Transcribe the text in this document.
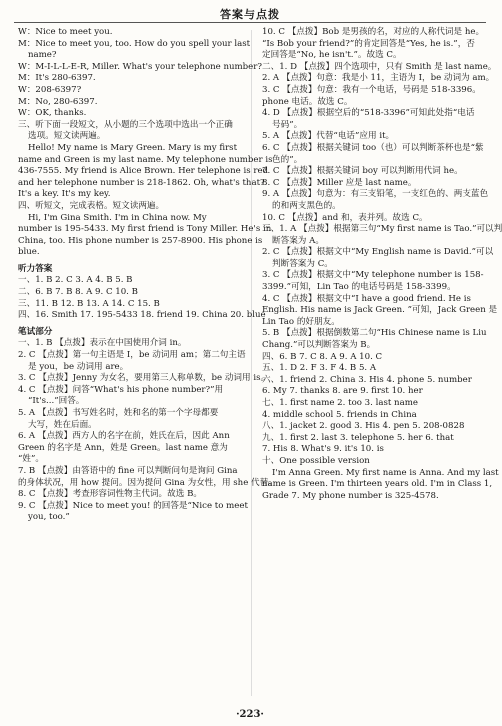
答案与点拨
W：Nice to meet you.
M：Nice to meet you, too. How do you spell your last
name?
W：M-I-L-L-E-R, Miller. What's your telephone number?
M：It's 280-6397.
W：208-6397?
M：No, 280-6397.
W：OK, thanks.
三、听下面一段短文，从小题的三个选项中选出一个正确
选项。短文读两遍。
Hello! My name is Mary Green. Mary is my first
name and Green is my last name. My telephone number is
436-7555. My friend is Alice Brown. Her telephone is red
and her telephone number is 218-1862. Oh, what's that?
It's a key. It's my key.
四、听短文，完成表格。短文读两遍。
Hi, I'm Gina Smith. I'm in China now. My
number is 195-5433. My first friend is Tony Miller. He's in
China, too. His phone number is 257-8900. His phone is
blue.
听力答案
一、1. B 2. C 3. A 4. B 5. B
二、6. B 7. B 8. A 9. C 10. B
三、11. B 12. B 13. A 14. C 15. B
四、16. Smith 17. 195-5433 18. friend 19. China 20. blue
笔试部分
一、1. B 【点拨】表示在中国使用介词 in。
2. C 【点拨】第一句主语是 I，be 动词用 am；第二句主语
是 you，be 动词用 are。
3. C 【点拨】Jenny 为女名，要用第三人称单数，be 动词用 is。
4. C 【点拨】问答“What's his phone number?”用
“It's...”回答。
5. A 【点拨】书写姓名时，姓和名的第一个字母都要
大写，姓在后面。
6. A 【点拨】西方人的名字在前，姓氏在后，因此 Ann
Green 的名字是 Ann，姓是 Green。last name 意为
“姓”。
7. B 【点拨】由答语中的 fine 可以判断问句是询问 Gina
的身体状况，用 how 提问。因为提问 Gina 为女性，用 she 代替。
8. C 【点拨】考查形容词性物主代词。故选 B。
9. C 【点拨】Nice to meet you! 的回答是“Nice to meet
you, too.”
10. C 【点拨】Bob 是男孩的名，对应的人称代词是 he。
“Is Bob your friend?”的肯定回答是“Yes, he is.”，否
定回答是“No, he isn't.”。故选 C。
二、1. D 【点拨】四个选项中，只有 Smith 是 last name。
2. A 【点拨】句意：我是小 11，主语为 I，be 动词为 am。
3. C 【点拨】句意：我有一个电话，号码是 518-3396。
phone 电话。故选 C。
4. D 【点拨】根据空后的“518-3396”可知此处指“电话
号码”。
5. A 【点拨】代替“电话”应用 it。
6. C 【点拨】根据关键词 too（也）可以判断茶杯也是“紫
色的”。
7. C 【点拨】根据关键词 boy 可以判断用代词 he。
8. C 【点拨】Miller 应是 last name。
9. A 【点拨】句意为：有三支铅笔，一支红色的、两支蓝色
的和两支黑色的。
10. C 【点拨】and 和，表并列。故选 C。
三、1. A 【点拨】根据第三句“My first name is Tao.”可以判
断答案为 A。
2. C 【点拨】根据文中“My English name is David.”可以
判断答案为 C。
3. C 【点拨】根据文中“My telephone number is 158-
3399.”可知，Lin Tao 的电话号码是 158-3399。
4. C 【点拨】根据文中“I have a good friend. He is
English. His name is Jack Green. ”可知，Jack Green 是
Lin Tao 的好朋友。
5. B 【点拨】根据倒数第二句“His Chinese name is Liu
Chang.”可以判断答案为 B。
四、6. B 7. C 8. A 9. A 10. C
五、1. D 2. F 3. F 4. B 5. A
六、1. friend 2. China 3. His 4. phone 5. number
6. My 7. thanks 8. are 9. first 10. her
七、1. first name 2. too 3. last name
4. middle school 5. friends in China
八、1. jacket 2. good 3. His 4. pen 5. 208-0828
九、1. first 2. last 3. telephone 5. her 6. that
7. His 8. What's 9. it's 10. is
十、One possible version
I'm Anna Green. My first name is Anna. And my last
name is Green. I'm thirteen years old. I'm in Class 1,
Grade 7. My phone number is 325-4578.
·223·
